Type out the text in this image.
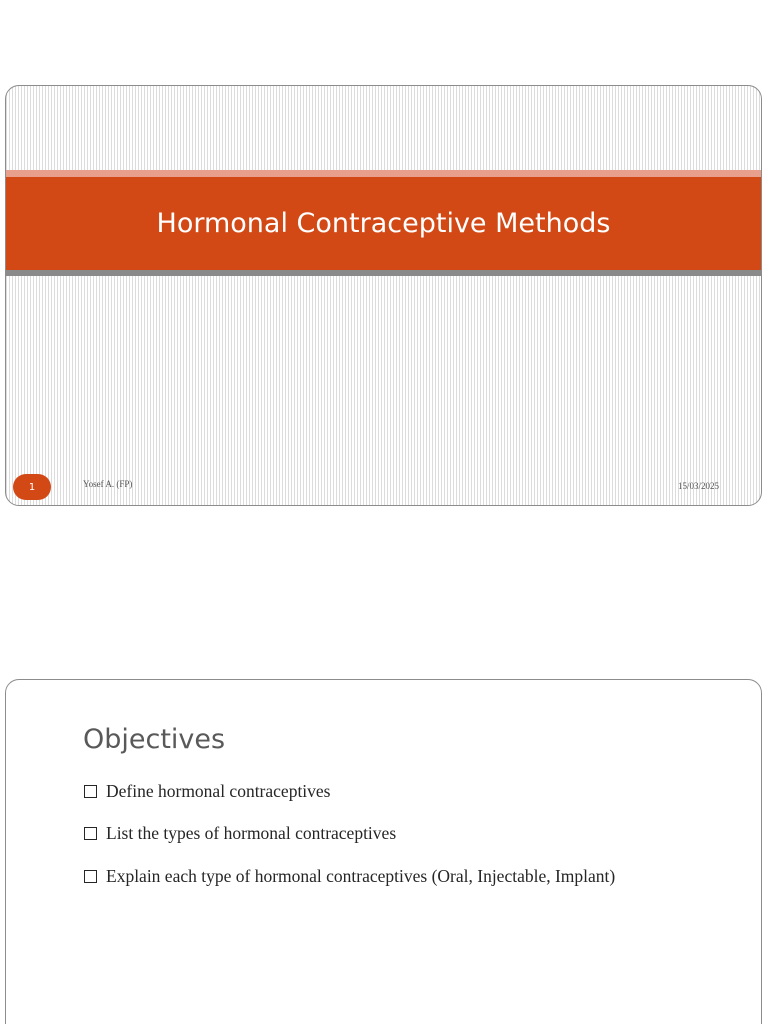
Hormonal Contraceptive Methods
1	Yosef A. (FP)	15/03/2025
Objectives
Define hormonal contraceptives
List the types of hormonal contraceptives
Explain each type of hormonal contraceptives (Oral, Injectable, Implant)
